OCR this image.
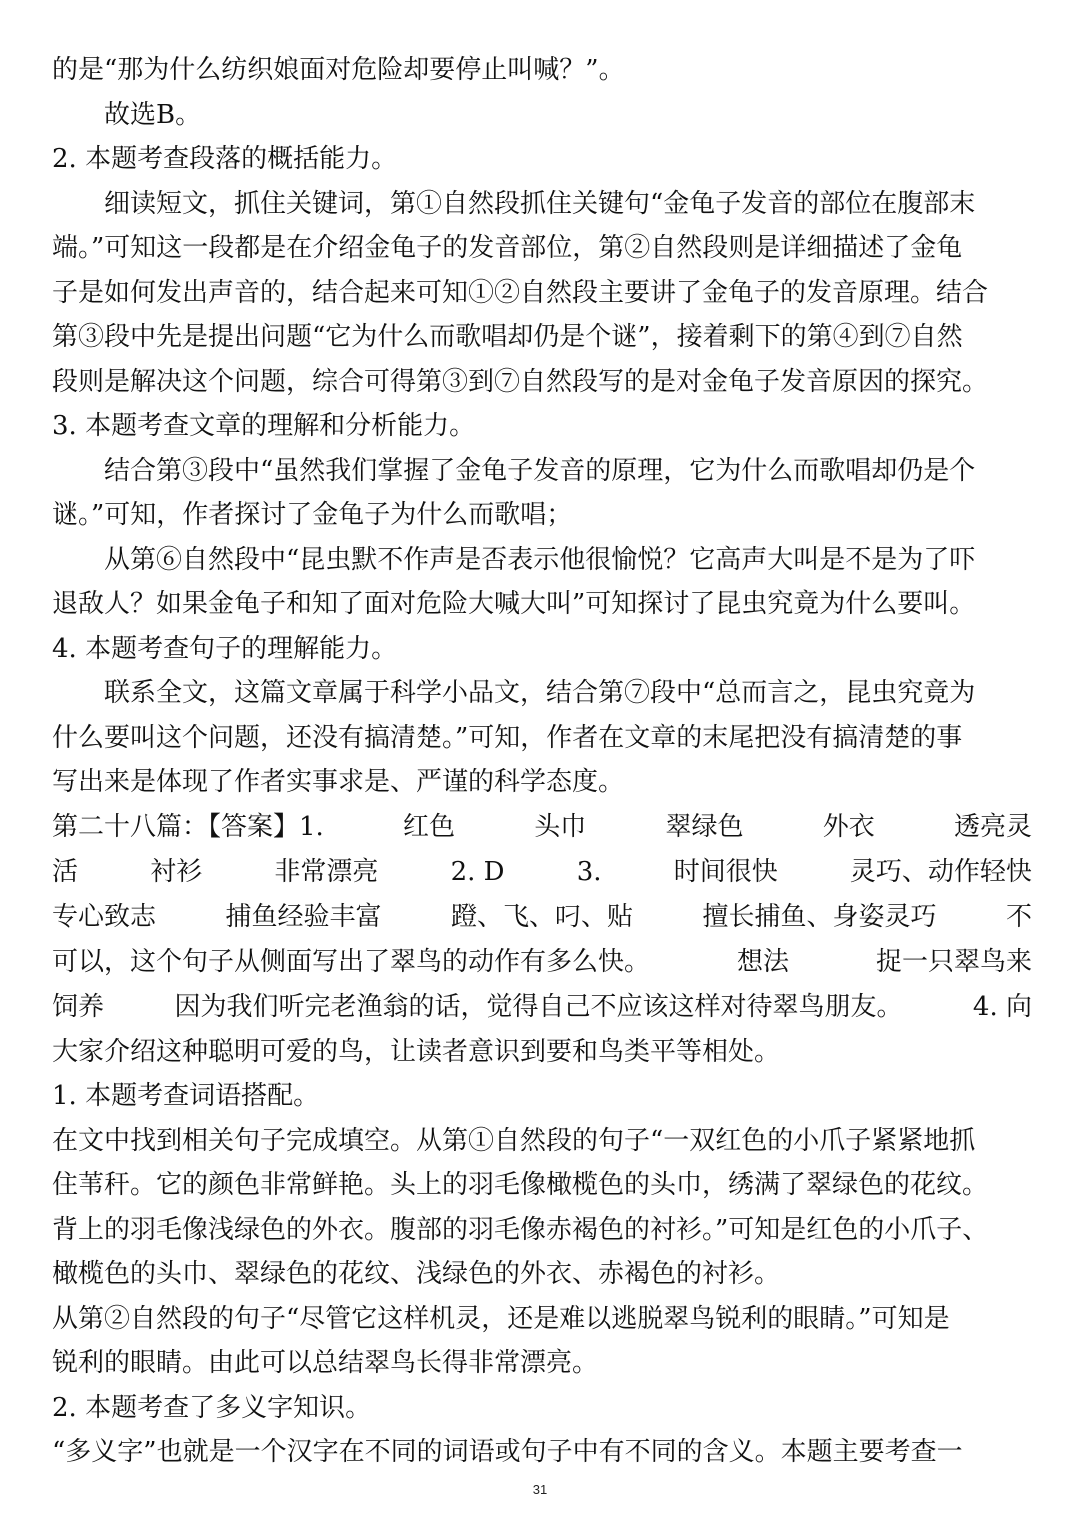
的是“那为什么纺织娘面对危险却要停止叫喊？”。
故选B。
2. 本题考查段落的概括能力。
细读短文，抓住关键词，第①自然段抓住关键句“金龟子发音的部位在腹部末
端。”可知这一段都是在介绍金龟子的发音部位，第②自然段则是详细描述了金龟
子是如何发出声音的，结合起来可知①②自然段主要讲了金龟子的发音原理。结合
第③段中先是提出问题“它为什么而歌唱却仍是个谜”，接着剩下的第④到⑦自然
段则是解决这个问题，综合可得第③到⑦自然段写的是对金龟子发音原因的探究。
3. 本题考查文章的理解和分析能力。
结合第③段中“虽然我们掌握了金龟子发音的原理，它为什么而歌唱却仍是个
谜。”可知，作者探讨了金龟子为什么而歌唱；
从第⑥自然段中“昆虫默不作声是否表示他很愉悦？它高声大叫是不是为了吓
退敌人？如果金龟子和知了面对危险大喊大叫”可知探讨了昆虫究竟为什么要叫。
4. 本题考查句子的理解能力。
联系全文，这篇文章属于科学小品文，结合第⑦段中“总而言之，昆虫究竟为
什么要叫这个问题，还没有搞清楚。”可知，作者在文章的末尾把没有搞清楚的事
写出来是体现了作者实事求是、严谨的科学态度。
第二十八篇：【答案】1.	红色	头巾	翠绿色	外衣	透亮灵
活	衬衫	非常漂亮	2. D	3.	时间很快	灵巧、动作轻快
专心致志	捕鱼经验丰富	蹬、飞、叼、贴	擅长捕鱼、身姿灵巧	不
可以，这个句子从侧面写出了翠鸟的动作有多么快。	想法	捉一只翠鸟来
饲养	因为我们听完老渔翁的话，觉得自己不应该这样对待翠鸟朋友。	4. 向
大家介绍这种聪明可爱的鸟，让读者意识到要和鸟类平等相处。
1. 本题考查词语搭配。
在文中找到相关句子完成填空。从第①自然段的句子“一双红色的小爪子紧紧地抓
住苇秆。它的颜色非常鲜艳。头上的羽毛像橄榄色的头巾，绣满了翠绿色的花纹。
背上的羽毛像浅绿色的外衣。腹部的羽毛像赤褐色的衬衫。”可知是红色的小爪子、
橄榄色的头巾、翠绿色的花纹、浅绿色的外衣、赤褐色的衬衫。
从第②自然段的句子“尽管它这样机灵，还是难以逃脱翠鸟锐利的眼睛。”可知是
锐利的眼睛。由此可以总结翠鸟长得非常漂亮。
2. 本题考查了多义字知识。
“多义字”也就是一个汉字在不同的词语或句子中有不同的含义。本题主要考查一
31
